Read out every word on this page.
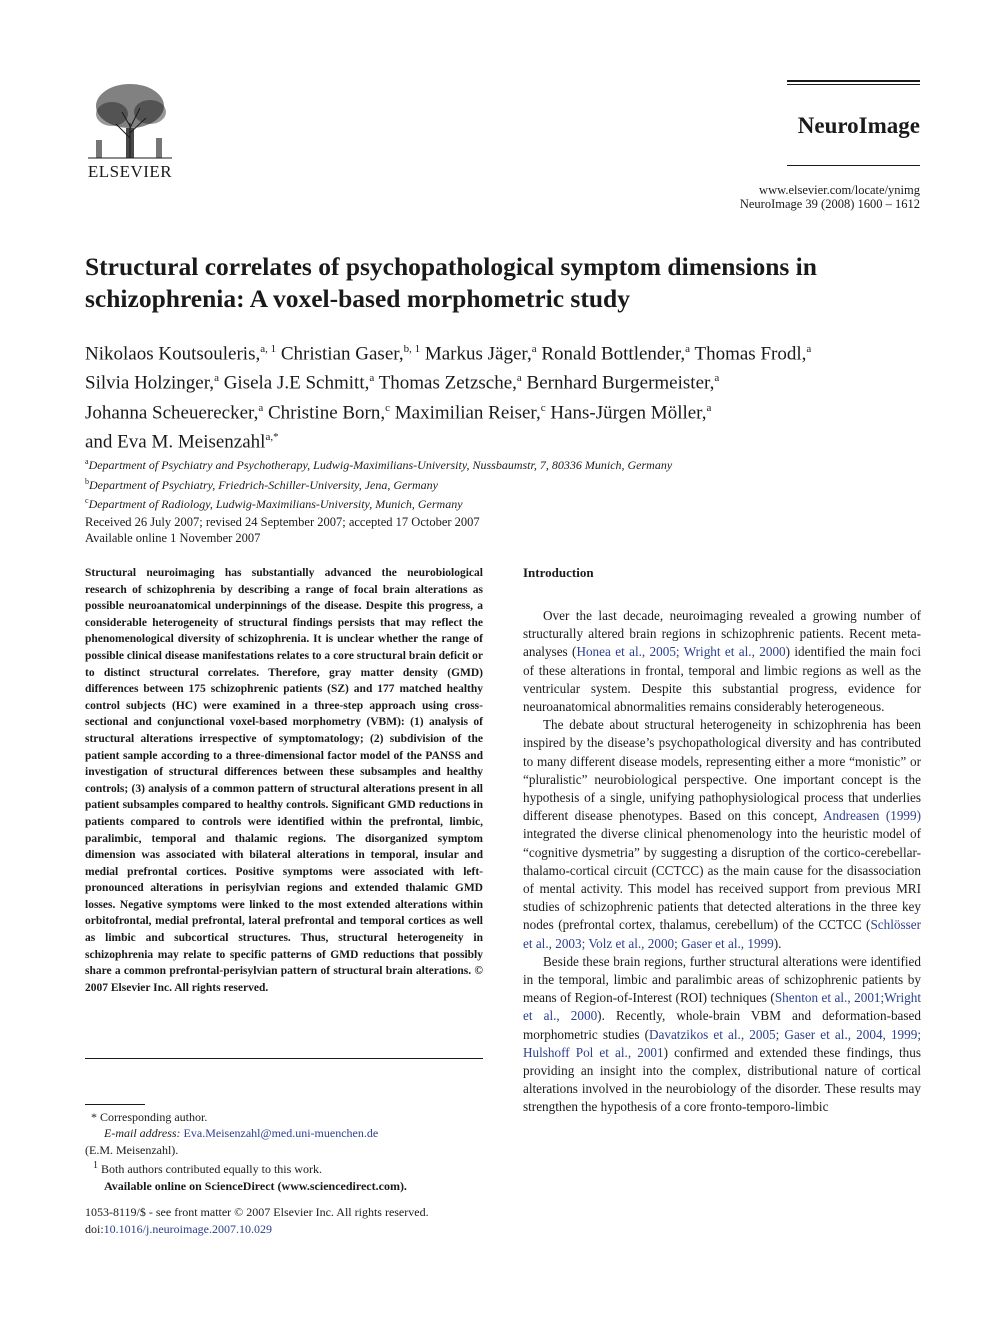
ELSEVIER
NeuroImage
www.elsevier.com/locate/ynimg
NeuroImage 39 (2008) 1600 – 1612
Structural correlates of psychopathological symptom dimensions in schizophrenia: A voxel-based morphometric study
Nikolaos Koutsouleris,$^{a, 1}$ Christian Gaser,$^{b, 1}$ Markus Jäger,$^a$ Ronald Bottlender,$^a$ Thomas Frodl,$^a$
Silvia Holzinger,$^a$ Gisela J.E Schmitt,$^a$ Thomas Zetzsche,$^a$ Bernhard Burgermeister,$^a$
Johanna Scheuerecker,$^a$ Christine Born,$^c$ Maximilian Reiser,$^c$ Hans-Jürgen Möller,$^a$
and Eva M. Meisenzahl$^{a,*}$
$^a$Department of Psychiatry and Psychotherapy, Ludwig-Maximilians-University, Nussbaumstr, 7, 80336 Munich, Germany
$^b$Department of Psychiatry, Friedrich-Schiller-University, Jena, Germany
$^c$Department of Radiology, Ludwig-Maximilians-University, Munich, Germany
Received 26 July 2007; revised 24 September 2007; accepted 17 October 2007
Available online 1 November 2007
Structural neuroimaging has substantially advanced the neurobiological research of schizophrenia by describing a range of focal brain alterations as possible neuroanatomical underpinnings of the disease. Despite this progress, a considerable heterogeneity of structural findings persists that may reflect the phenomenological diversity of schizophrenia. It is unclear whether the range of possible clinical disease manifestations relates to a core structural brain deficit or to distinct structural correlates. Therefore, gray matter density (GMD) differences between 175 schizophrenic patients (SZ) and 177 matched healthy control subjects (HC) were examined in a three-step approach using cross-sectional and conjunctional voxel-based morphometry (VBM): (1) analysis of structural alterations irrespective of symptomatology; (2) subdivision of the patient sample according to a three-dimensional factor model of the PANSS and investigation of structural differences between these subsamples and healthy controls; (3) analysis of a common pattern of structural alterations present in all patient subsamples compared to healthy controls. Significant GMD reductions in patients compared to controls were identified within the prefrontal, limbic, paralimbic, temporal and thalamic regions. The disorganized symptom dimension was associated with bilateral alterations in temporal, insular and medial prefrontal cortices. Positive symptoms were associated with left-pronounced alterations in perisylvian regions and extended thalamic GMD losses. Negative symptoms were linked to the most extended alterations within orbitofrontal, medial prefrontal, lateral prefrontal and temporal cortices as well as limbic and subcortical structures. Thus, structural heterogeneity in schizophrenia may relate to specific patterns of GMD reductions that possibly share a common prefrontal-perisylvian pattern of structural brain alterations. © 2007 Elsevier Inc. All rights reserved.
* Corresponding author.
E-mail address: Eva.Meisenzahl@med.uni-muenchen.de
(E.M. Meisenzahl).
$^1$ Both authors contributed equally to this work.
Available online on ScienceDirect (www.sciencedirect.com).
1053-8119/$ - see front matter © 2007 Elsevier Inc. All rights reserved.
doi:10.1016/j.neuroimage.2007.10.029
Introduction

Over the last decade, neuroimaging revealed a growing number of structurally altered brain regions in schizophrenic patients. Recent meta-analyses (Honea et al., 2005; Wright et al., 2000) identified the main foci of these alterations in frontal, temporal and limbic regions as well as the ventricular system. Despite this substantial progress, evidence for neuroanatomical abnormalities remains considerably heterogeneous.

The debate about structural heterogeneity in schizophrenia has been inspired by the disease’s psychopathological diversity and has contributed to many different disease models, representing either a more “monistic” or “pluralistic” neurobiological perspective. One important concept is the hypothesis of a single, unifying pathophysiological process that underlies different disease phenotypes. Based on this concept, Andreasen (1999) integrated the diverse clinical phenomenology into the heuristic model of “cognitive dysmetria” by suggesting a disruption of the cortico-cerebellar-thalamo-cortical circuit (CCTCC) as the main cause for the disassociation of mental activity. This model has received support from previous MRI studies of schizophrenic patients that detected alterations in the three key nodes (prefrontal cortex, thalamus, cerebellum) of the CCTCC (Schlösser et al., 2003; Volz et al., 2000; Gaser et al., 1999).

Beside these brain regions, further structural alterations were identified in the temporal, limbic and paralimbic areas of schizophrenic patients by means of Region-of-Interest (ROI) techniques (Shenton et al., 2001;Wright et al., 2000). Recently, whole-brain VBM and deformation-based morphometric studies (Davatzikos et al., 2005; Gaser et al., 2004, 1999; Hulshoff Pol et al., 2001) confirmed and extended these findings, thus providing an insight into the complex, distributional nature of cortical alterations involved in the neurobiology of the disorder. These results may strengthen the hypothesis of a core fronto-temporo-limbic
